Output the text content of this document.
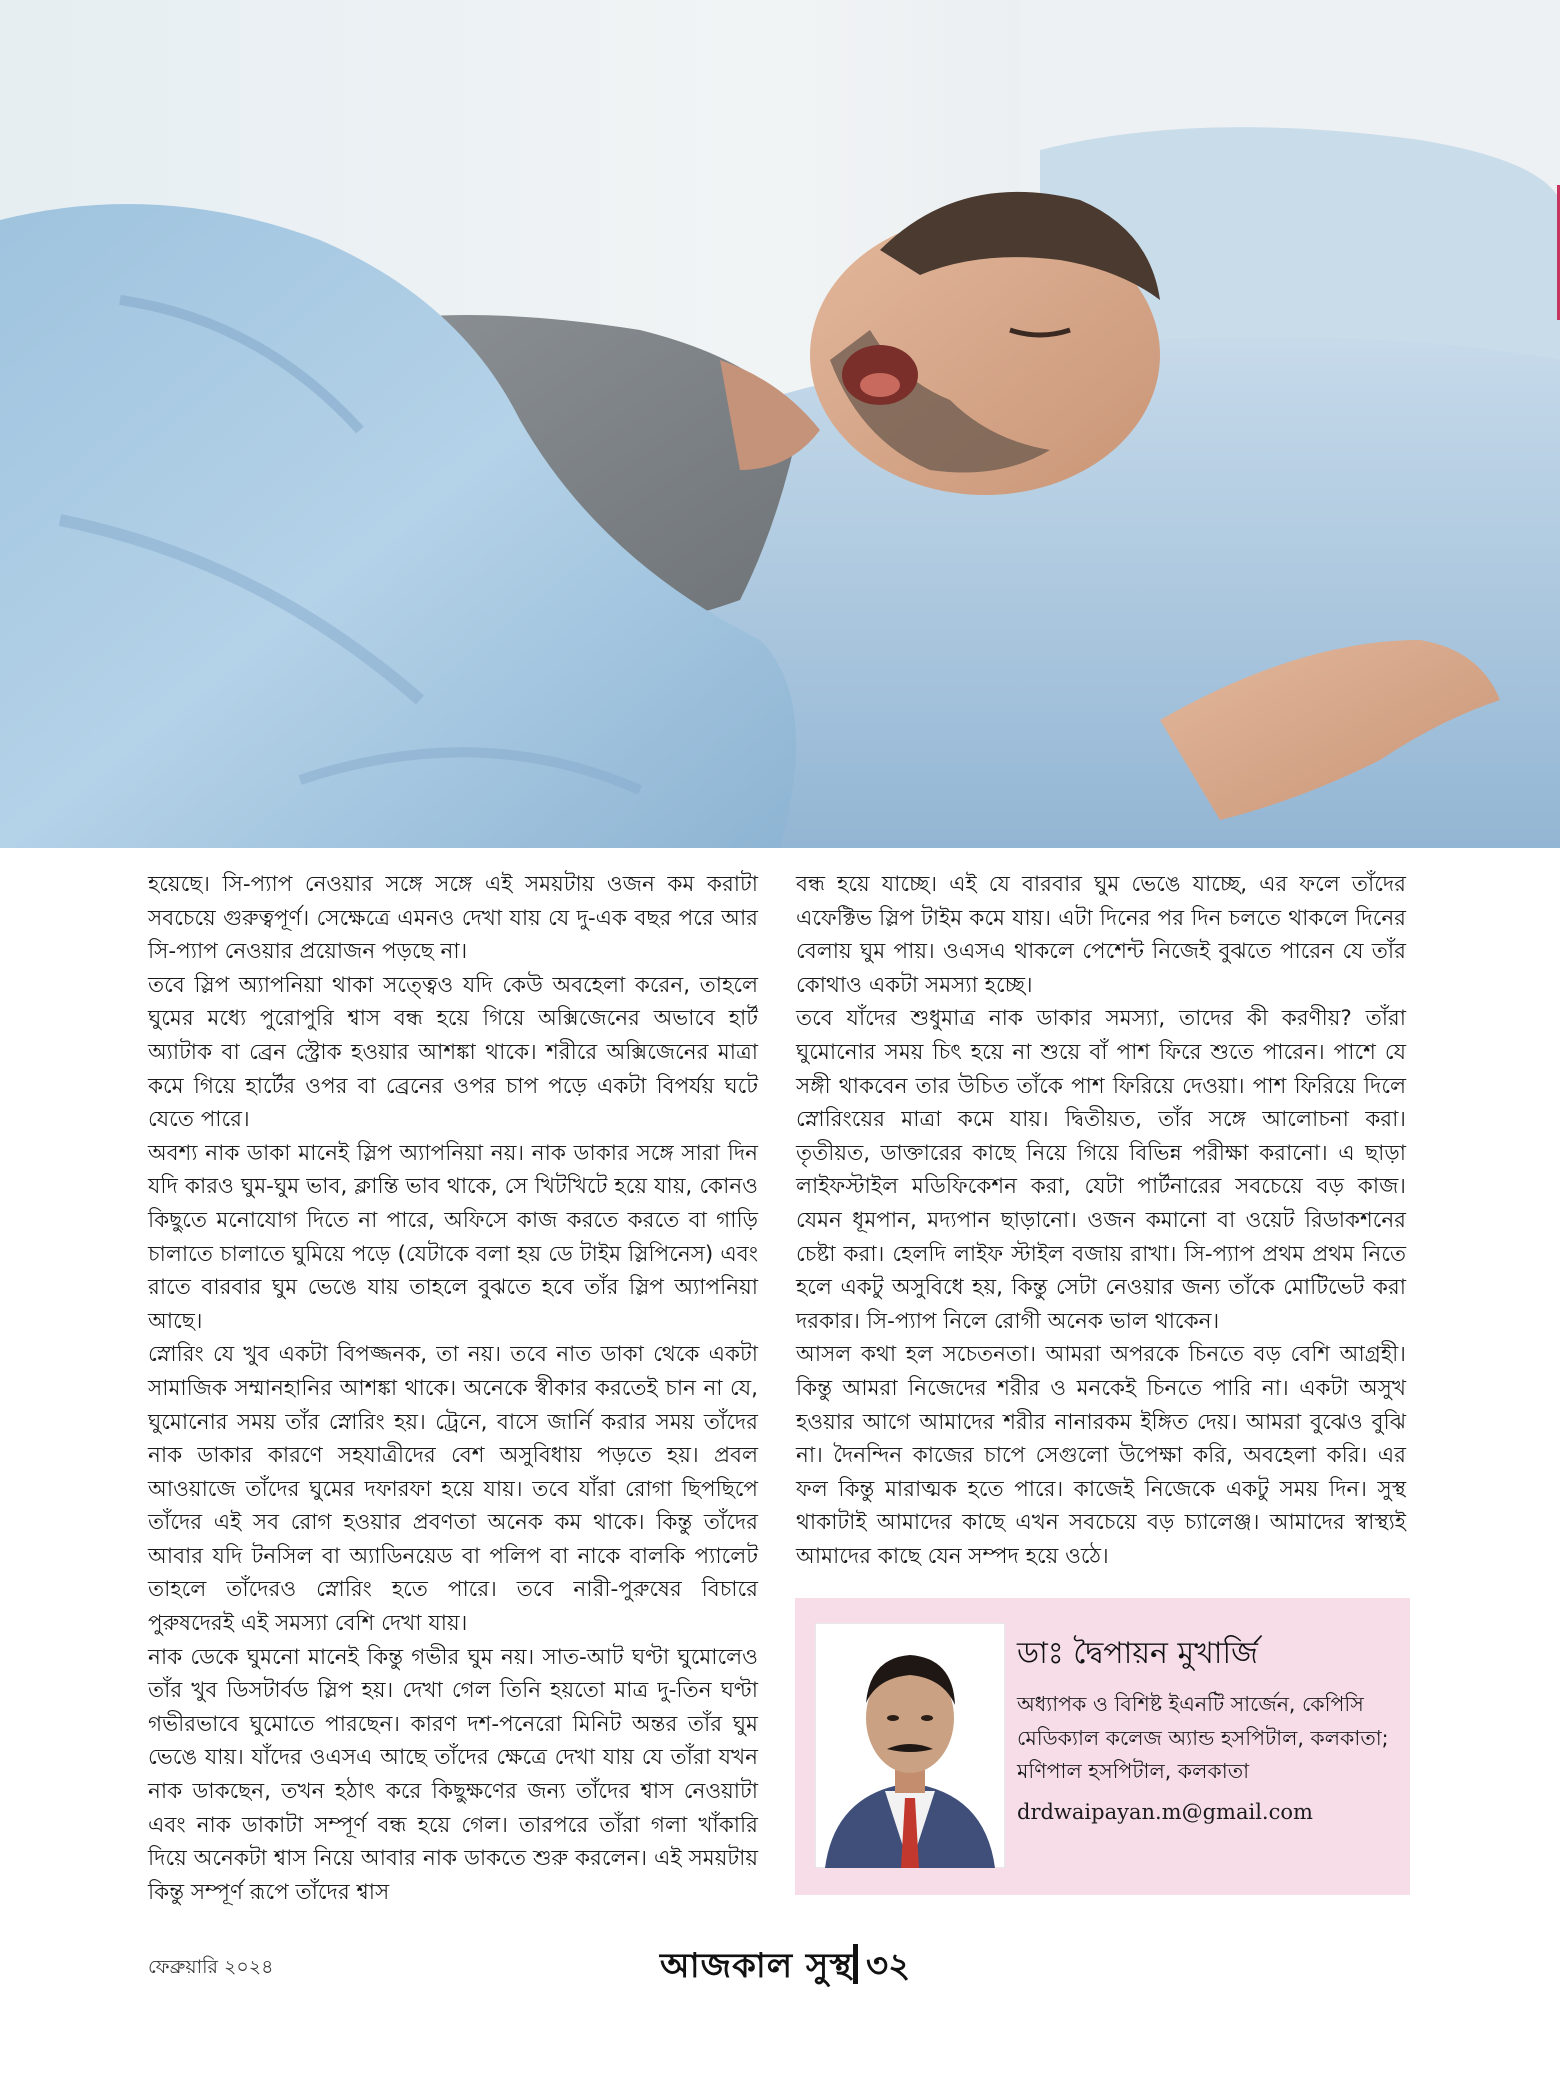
হয়েছে। সি-প্যাপ নেওয়ার সঙ্গে সঙ্গে এই সময়টায় ওজন কম করাটা সবচেয়ে গুরুত্বপূর্ণ। সেক্ষেত্রে এমনও দেখা যায় যে দু-এক বছর পরে আর সি-প্যাপ নেওয়ার প্রয়োজন পড়ছে না।

তবে স্লিপ অ্যাপনিয়া থাকা সত্ত্বেও যদি কেউ অবহেলা করেন, তাহলে ঘুমের মধ্যে পুরোপুরি শ্বাস বন্ধ হয়ে গিয়ে অক্সিজেনের অভাবে হার্ট অ্যাটাক বা ব্রেন স্ট্রোক হওয়ার আশঙ্কা থাকে। শরীরে অক্সিজেনের মাত্রা কমে গিয়ে হার্টের ওপর বা ব্রেনের ওপর চাপ পড়ে একটা বিপর্যয় ঘটে যেতে পারে।

অবশ্য নাক ডাকা মানেই স্লিপ অ্যাপনিয়া নয়। নাক ডাকার সঙ্গে সারা দিন যদি কারও ঘুম-ঘুম ভাব, ক্লান্তি ভাব থাকে, সে খিটখিটে হয়ে যায়, কোনও কিছুতে মনোযোগ দিতে না পারে, অফিসে কাজ করতে করতে বা গাড়ি চালাতে চালাতে ঘুমিয়ে পড়ে (যেটাকে বলা হয় ডে টাইম স্লিপিনেস) এবং রাতে বারবার ঘুম ভেঙে যায় তাহলে বুঝতে হবে তাঁর স্লিপ অ্যাপনিয়া আছে।

স্নোরিং যে খুব একটা বিপজ্জনক, তা নয়। তবে নাত ডাকা থেকে একটা সামাজিক সম্মানহানির আশঙ্কা থাকে। অনেকে স্বীকার করতেই চান না যে, ঘুমোনোর সময় তাঁর স্নোরিং হয়। ট্রেনে, বাসে জার্নি করার সময় তাঁদের নাক ডাকার কারণে সহযাত্রীদের বেশ অসুবিধায় পড়তে হয়। প্রবল আওয়াজে তাঁদের ঘুমের দফারফা হয়ে যায়। তবে যাঁরা রোগা ছিপছিপে তাঁদের এই সব রোগ হওয়ার প্রবণতা অনেক কম থাকে। কিন্তু তাঁদের আবার যদি টনসিল বা অ্যাডিনয়েড বা পলিপ বা নাকে বালকি প্যালেট তাহলে তাঁদেরও স্নোরিং হতে পারে। তবে নারী-পুরুষের বিচারে পুরুষদেরই এই সমস্যা বেশি দেখা যায়।

নাক ডেকে ঘুমনো মানেই কিন্তু গভীর ঘুম নয়। সাত-আট ঘণ্টা ঘুমোলেও তাঁর খুব ডিসটার্বড স্লিপ হয়। দেখা গেল তিনি হয়তো মাত্র দু-তিন ঘণ্টা গভীরভাবে ঘুমোতে পারছেন। কারণ দশ-পনেরো মিনিট অন্তর তাঁর ঘুম ভেঙে যায়। যাঁদের ওএসএ আছে তাঁদের ক্ষেত্রে দেখা যায় যে তাঁরা যখন নাক ডাকছেন, তখন হঠাৎ করে কিছুক্ষণের জন্য তাঁদের শ্বাস নেওয়াটা এবং নাক ডাকাটা সম্পূর্ণ বন্ধ হয়ে গেল। তারপরে তাঁরা গলা খাঁকারি দিয়ে অনেকটা শ্বাস নিয়ে আবার নাক ডাকতে শুরু করলেন। এই সময়টায় কিন্তু সম্পূর্ণ রূপে তাঁদের শ্বাস

বন্ধ হয়ে যাচ্ছে। এই যে বারবার ঘুম ভেঙে যাচ্ছে, এর ফলে তাঁদের এফেক্টিভ স্লিপ টাইম কমে যায়। এটা দিনের পর দিন চলতে থাকলে দিনের বেলায় ঘুম পায়। ওএসএ থাকলে পেশেন্ট নিজেই বুঝতে পারেন যে তাঁর কোথাও একটা সমস্যা হচ্ছে।

তবে যাঁদের শুধুমাত্র নাক ডাকার সমস্যা, তাদের কী করণীয়? তাঁরা ঘুমোনোর সময় চিৎ হয়ে না শুয়ে বাঁ পাশ ফিরে শুতে পারেন। পাশে যে সঙ্গী থাকবেন তার উচিত তাঁকে পাশ ফিরিয়ে দেওয়া। পাশ ফিরিয়ে দিলে স্নোরিংয়ের মাত্রা কমে যায়। দ্বিতীয়ত, তাঁর সঙ্গে আলোচনা করা। তৃতীয়ত, ডাক্তারের কাছে নিয়ে গিয়ে বিভিন্ন পরীক্ষা করানো। এ ছাড়া লাইফস্টাইল মডিফিকেশন করা, যেটা পার্টনারের সবচেয়ে বড় কাজ। যেমন ধূমপান, মদ্যপান ছাড়ানো। ওজন কমানো বা ওয়েট রিডাকশনের চেষ্টা করা। হেলদি লাইফ স্টাইল বজায় রাখা। সি-প্যাপ প্রথম প্রথম নিতে হলে একটু অসুবিধে হয়, কিন্তু সেটা নেওয়ার জন্য তাঁকে মোটিভেট করা দরকার। সি-প্যাপ নিলে রোগী অনেক ভাল থাকেন।

আসল কথা হল সচেতনতা। আমরা অপরকে চিনতে বড় বেশি আগ্রহী। কিন্তু আমরা নিজেদের শরীর ও মনকেই চিনতে পারি না। একটা অসুখ হওয়ার আগে আমাদের শরীর নানারকম ইঙ্গিত দেয়। আমরা বুঝেও বুঝি না। দৈনন্দিন কাজের চাপে সেগুলো উপেক্ষা করি, অবহেলা করি। এর ফল কিন্তু মারাত্মক হতে পারে। কাজেই নিজেকে একটু সময় দিন। সুস্থ থাকাটাই আমাদের কাছে এখন সবচেয়ে বড় চ্যালেঞ্জ। আমাদের স্বাস্থ্যই আমাদের কাছে যেন সম্পদ হয়ে ওঠে।

ডাঃ দ্বৈপায়ন মুখার্জি
অধ্যাপক ও বিশিষ্ট ইএনটি সার্জেন, কেপিসি মেডিক্যাল কলেজ অ্যান্ড হসপিটাল, কলকাতা; মণিপাল হসপিটাল, কলকাতা
drdwaipayan.m@gmail.com
ফেব্রুয়ারি ২০২৪	আজকাল সুস্থ ৩২
